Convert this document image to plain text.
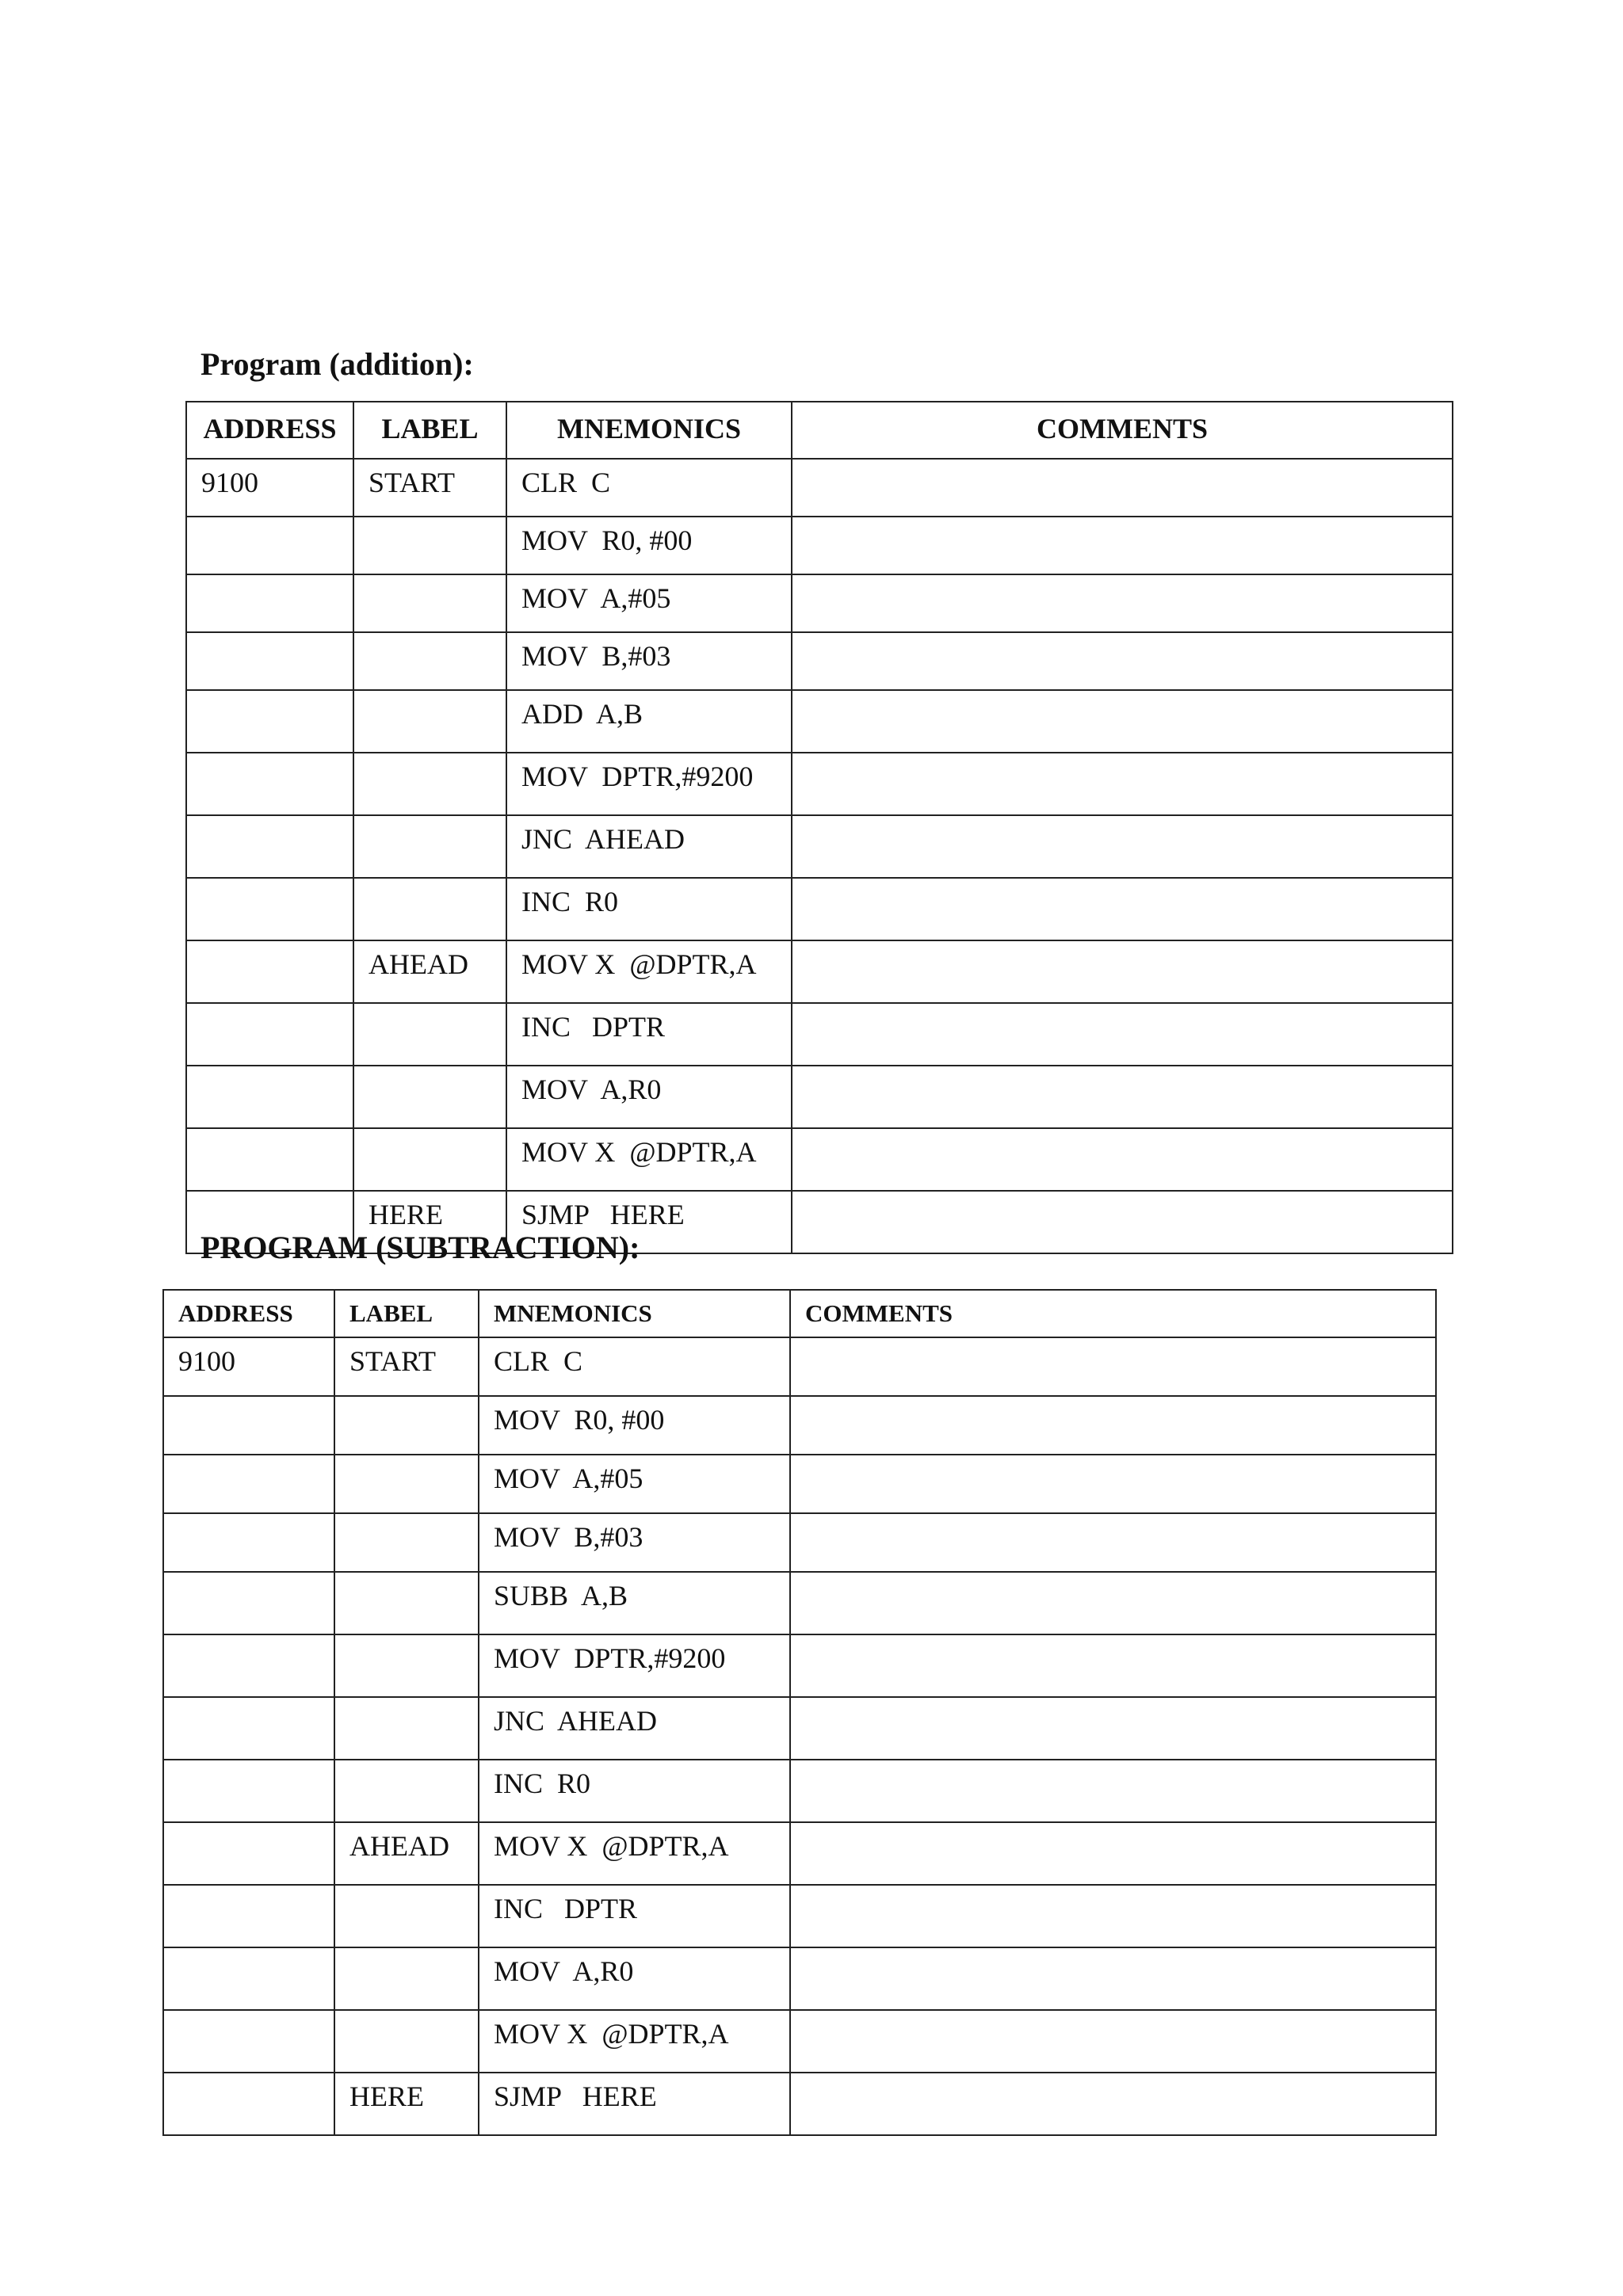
Program (addition):
ADDRESS	LABEL	MNEMONICS	COMMENTS
9100	START	CLR  C	
		MOV  R0, #00	
		MOV  A,#05	
		MOV  B,#03	
		ADD  A,B	
		MOV  DPTR,#9200	
		JNC  AHEAD	
		INC  R0	
	AHEAD	MOV X  @DPTR,A	
		INC   DPTR	
		MOV  A,R0	
		MOV X  @DPTR,A	
	HERE	SJMP   HERE	
PROGRAM (SUBTRACTION):
ADDRESS	LABEL	MNEMONICS	COMMENTS
9100	START	CLR  C	
		MOV  R0, #00	
		MOV  A,#05	
		MOV  B,#03	
		SUBB  A,B	
		MOV  DPTR,#9200	
		JNC  AHEAD	
		INC  R0	
	AHEAD	MOV X  @DPTR,A	
		INC   DPTR	
		MOV  A,R0	
		MOV X  @DPTR,A	
	HERE	SJMP   HERE	
